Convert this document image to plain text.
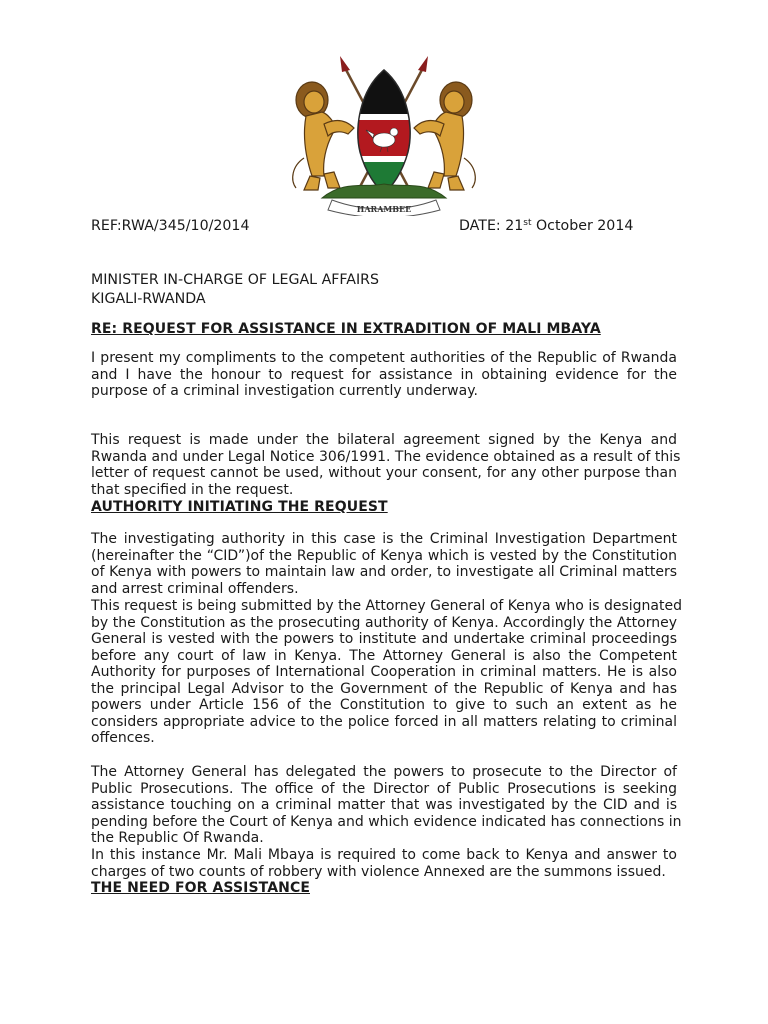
HARAMBEE
REF:RWA/345/10/2014	DATE: 21st October 2014
MINISTER IN-CHARGE OF LEGAL AFFAIRS
KIGALI-RWANDA
RE: REQUEST FOR ASSISTANCE IN EXTRADITION OF MALI MBAYA
I present my compliments to the competent authorities of the Republic of Rwanda
and I have the honour to request for assistance in obtaining evidence for the
purpose of a criminal investigation currently underway.
This request is made under the bilateral agreement signed by the Kenya and
Rwanda and under Legal Notice 306/1991. The evidence obtained as a result of this
letter of request cannot be used, without your consent, for any other purpose than
that specified in the request.
AUTHORITY INITIATING THE REQUEST
The investigating authority in this case is the Criminal Investigation Department
(hereinafter the “CID”)of the Republic of Kenya which is vested by the Constitution
of Kenya with powers to maintain law and order, to investigate all Criminal matters
and arrest criminal offenders.
This request is being submitted by the Attorney General of Kenya who is designated
by the Constitution as the prosecuting authority of Kenya. Accordingly the Attorney
General is vested with the powers to institute and undertake criminal proceedings
before any court of law in Kenya. The Attorney General is also the Competent
Authority for purposes of International Cooperation in criminal matters. He is also
the principal Legal Advisor to the Government of the Republic of Kenya and has
powers under Article 156 of the Constitution to give to such an extent as he
considers appropriate advice to the police forced in all matters relating to criminal
offences.
The Attorney General has delegated the powers to prosecute to the Director of
Public Prosecutions. The office of the Director of Public Prosecutions is seeking
assistance touching on a criminal matter that was investigated by the CID and is
pending before the Court of Kenya and which evidence indicated has connections in
the Republic Of Rwanda.
In this instance Mr. Mali Mbaya is required to come back to Kenya and answer to
charges of two counts of robbery with violence Annexed are the summons issued.
THE NEED FOR ASSISTANCE
